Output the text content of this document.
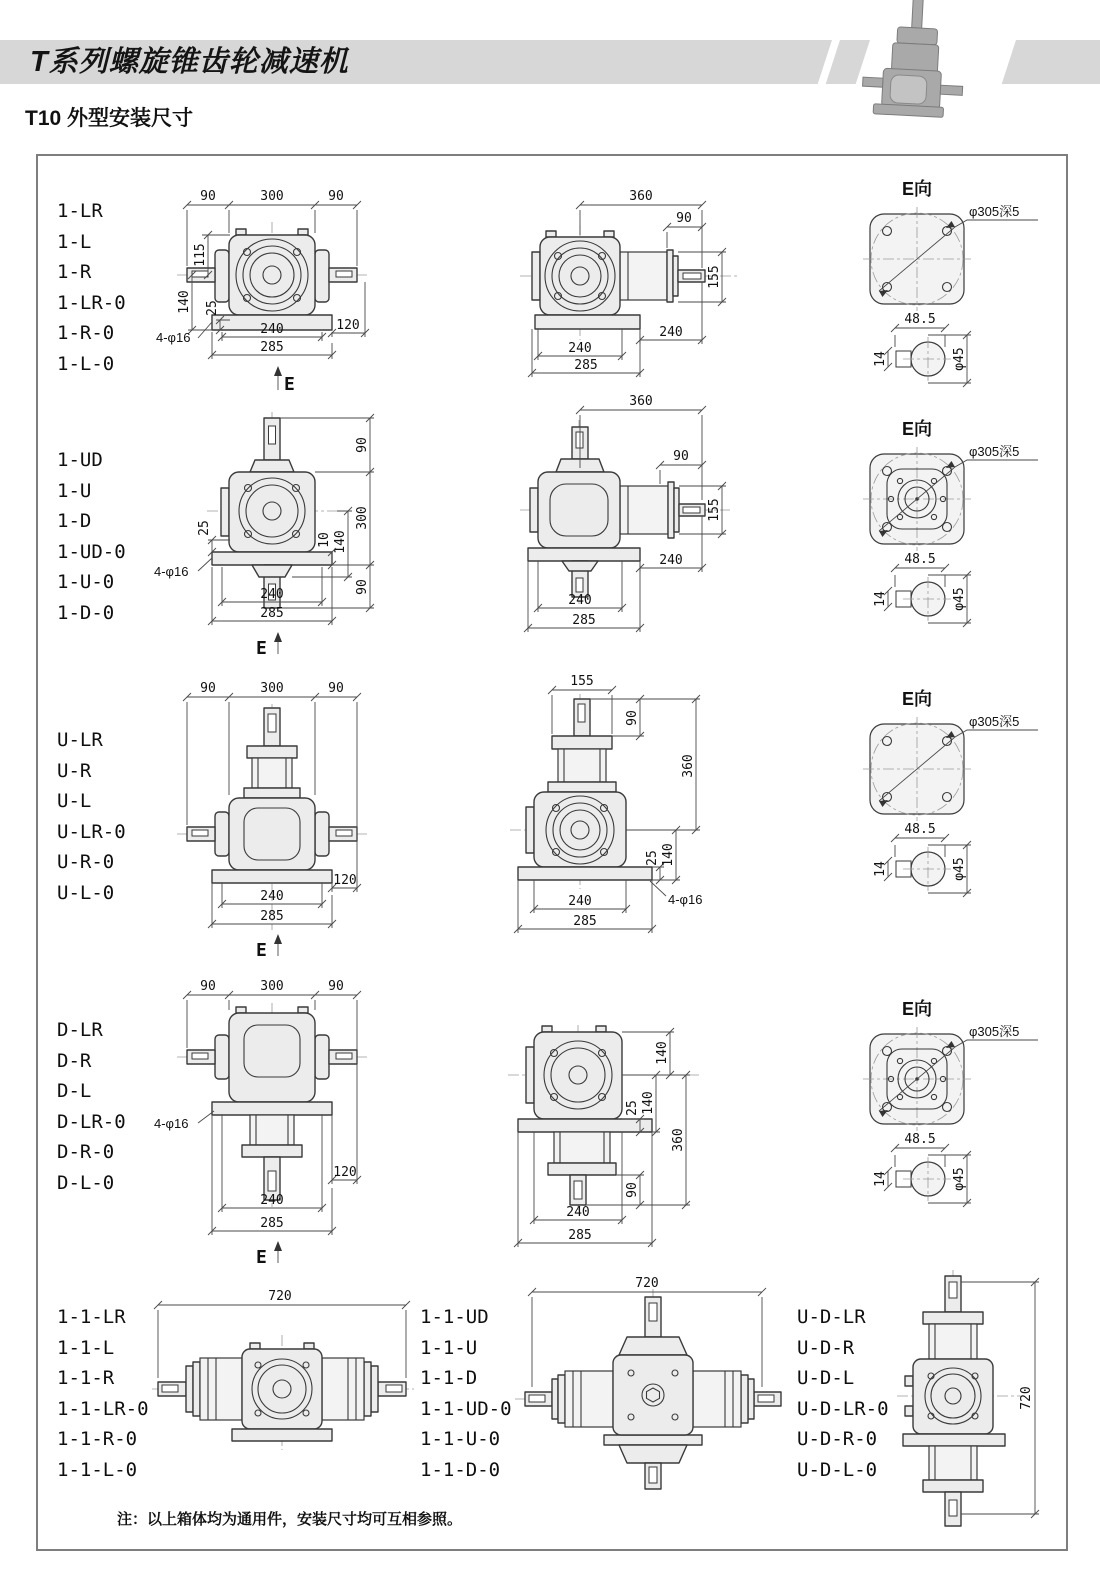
T系列螺旋锥齿轮减速机
T10 外型安装尺寸
1-LR
1-L
1-R
1-LR-0
1-R-0
1-L-0
90	300	90
115
140 25
240	120
285
4-φ16
E
360
90
155
240
240
285
E向
φ305深5
48.5
14	φ45
1-UD
1-U
1-D
1-UD-0
1-U-0
1-D-0
90
300
90
140
10
25
4-φ16
240
285
E
360
90
155
240
240
285
E向
φ305深5
48.5
14	φ45
U-LR
U-R
U-L
U-LR-0
U-R-0
U-L-0
90	300	90
120
240
285
E
155
90
360
25 140
4-φ16
240
285
E向
φ305深5
48.5
14	φ45
D-LR
D-R
D-L
D-LR-0
D-R-0
D-L-0
90	300	90
4-φ16
120
240
285
E
140
25 140
360
90
240
285
E向
φ305深5
48.5
14	φ45
1-1-LR
1-1-L
1-1-R
1-1-LR-0
1-1-R-0
1-1-L-0
1-1-UD
1-1-U
1-1-D
1-1-UD-0
1-1-U-0
1-1-D-0
U-D-LR
U-D-R
U-D-L
U-D-LR-0
U-D-R-0
U-D-L-0
720
720
720
注：以上箱体均为通用件，安装尺寸均可互相参照。
